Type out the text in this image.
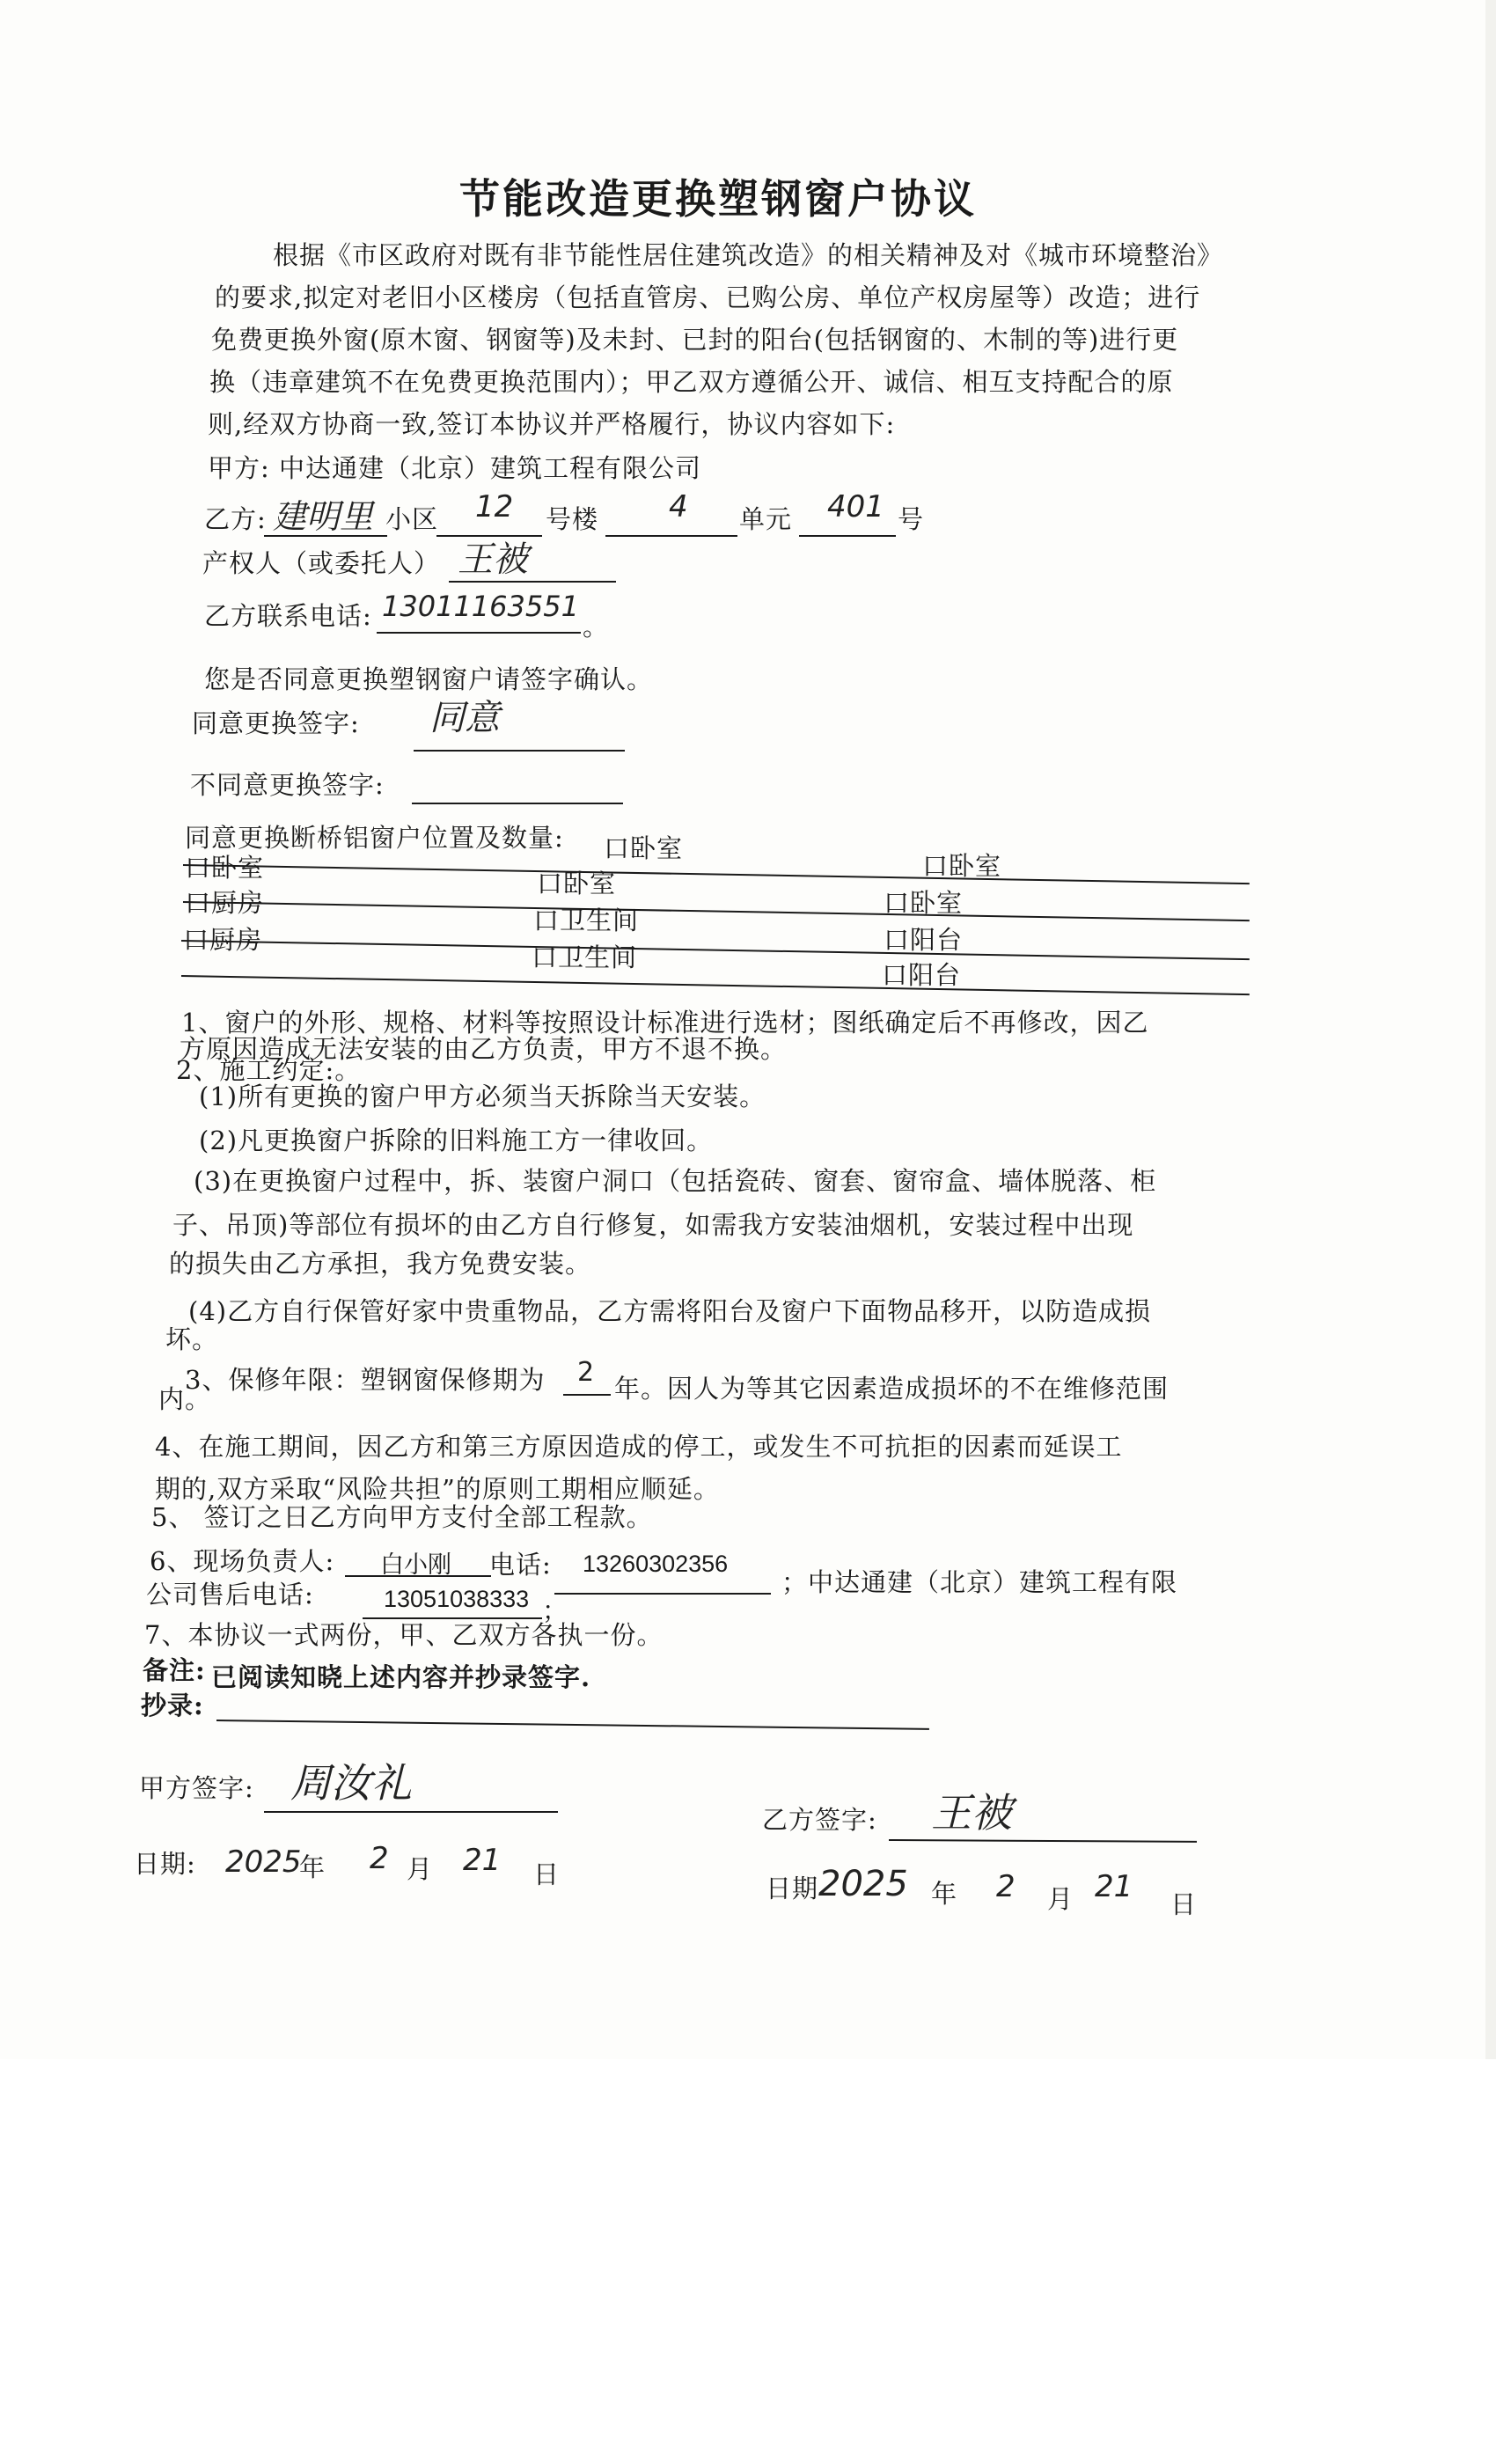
节能改造更换塑钢窗户协议
根据《市区政府对既有非节能性居住建筑改造》的相关精神及对《城市环境整治》
的要求,拟定对老旧小区楼房（包括直管房、已购公房、单位产权房屋等）改造；进行
免费更换外窗(原木窗、钢窗等)及未封、已封的阳台(包括钢窗的、木制的等)进行更
换（违章建筑不在免费更换范围内）；甲乙双方遵循公开、诚信、相互支持配合的原
则,经双方协商一致,签订本协议并严格履行，协议内容如下:
甲方: 中达通建（北京）建筑工程有限公司
乙方: 建明里 小区 12 号楼 4 单元 401 号
产权人（或委托人） 王被
乙方联系电话: 13011163551
。
您是否同意更换塑钢窗户请签字确认。
同意更换签字: 同意
不同意更换签字:
同意更换断桥铝窗户位置及数量: 口卧室
口卧室
口卧室
口卧室
口厨房
口卫生间
口卧室
口厨房
口卫生间
口阳台
口阳台
1、窗户的外形、规格、材料等按照设计标准进行选材；图纸确定后不再修改，因乙
方原因造成无法安装的由乙方负责，甲方不退不换。
2、施工约定:。
(1)所有更换的窗户甲方必须当天拆除当天安装。
(2)凡更换窗户拆除的旧料施工方一律收回。
(3)在更换窗户过程中，拆、装窗户洞口（包括瓷砖、窗套、窗帘盒、墙体脱落、柜
子、吊顶)等部位有损坏的由乙方自行修复，如需我方安装油烟机，安装过程中出现
的损失由乙方承担，我方免费安装。
(4)乙方自行保管好家中贵重物品，乙方需将阳台及窗户下面物品移开，以防造成损
坏。
3、保修年限：塑钢窗保修期为 2
年。因人为等其它因素造成损坏的不在维修范围
内。
4、在施工期间，因乙方和第三方原因造成的停工，或发生不可抗拒的因素而延误工
期的,双方采取“风险共担”的原则工期相应顺延。
5、 签订之日乙方向甲方支付全部工程款。
6、现场负责人: 白小刚 电话: 13260302356
；中达通建（北京）建筑工程有限
公司售后电话:	13051038333 ；
7、本协议一式两份，甲、乙双方各执一份。
备注: 已阅读知晓上述内容并抄录签字.
抄录:
甲方签字: 周汝礼
乙方签字: 王被
日期: 2025
年 2 月 21 日	日期 2025 年 2 月 21 日
